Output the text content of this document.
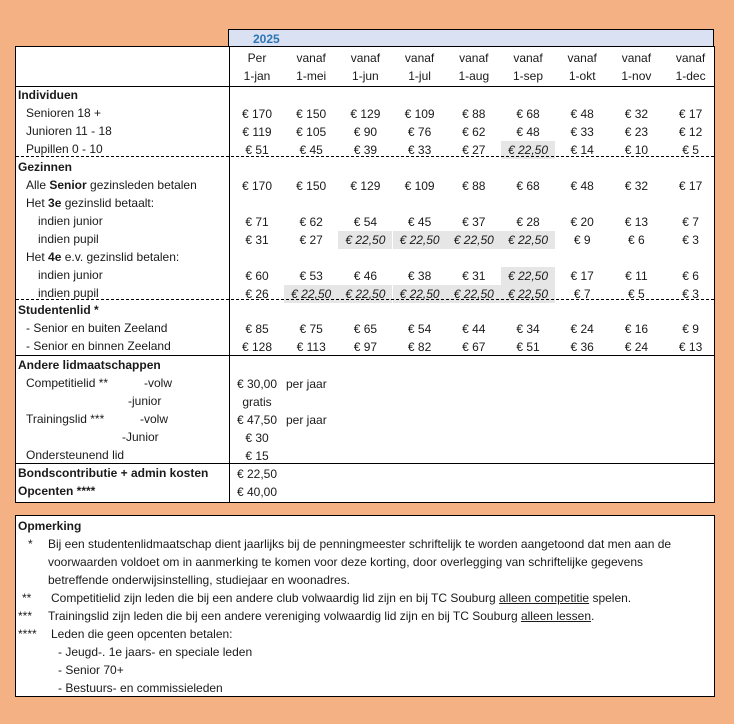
2025
Per	vanaf	vanaf	vanaf	vanaf	vanaf	vanaf	vanaf	vanaf
1-jan	1-mei	1-jun	1-jul	1-aug	1-sep	1-okt	1-nov	1-dec
Individuen
Senioren 18 +	€ 170	€ 150	€ 129	€ 109	€ 88	€ 68	€ 48	€ 32	€ 17
Junioren 11 - 18	€ 119	€ 105	€ 90	€ 76	€ 62	€ 48	€ 33	€ 23	€ 12
Pupillen 0 - 10	€ 51	€ 45	€ 39	€ 33	€ 27	€ 22,50	€ 14	€ 10	€ 5
Gezinnen
Alle Senior gezinsleden betalen	€ 170	€ 150	€ 129	€ 109	€ 88	€ 68	€ 48	€ 32	€ 17
Het 3e gezinslid betaalt:
indien junior	€ 71	€ 62	€ 54	€ 45	€ 37	€ 28	€ 20	€ 13	€ 7
indien pupil	€ 31	€ 27	€ 22,50	€ 22,50	€ 22,50	€ 22,50	€ 9	€ 6	€ 3
Het 4e e.v. gezinslid betalen:
indien junior	€ 60	€ 53	€ 46	€ 38	€ 31	€ 22,50	€ 17	€ 11	€ 6
indien pupil	€ 26	€ 22,50	€ 22,50	€ 22,50	€ 22,50	€ 22,50	€ 7	€ 5	€ 3
Studentenlid *
- Senior en buiten Zeeland	€ 85	€ 75	€ 65	€ 54	€ 44	€ 34	€ 24	€ 16	€ 9
- Senior en binnen Zeeland	€ 128	€ 113	€ 97	€ 82	€ 67	€ 51	€ 36	€ 24	€ 13
Andere lidmaatschappen
Competitielid **	-volw	€ 30,00 per jaar
-junior	gratis
Trainingslid ***	-volw	€ 47,50 per jaar
-Junior	€ 30
Ondersteunend lid	€ 15
Bondscontributie + admin kosten	€ 22,50
Opcenten ****	€ 40,00
Opmerking
* Bij een studentenlidmaatschap dient jaarlijks bij de penningmeester schriftelijk te worden aangetoond dat men aan de
voorwaarden voldoet om in aanmerking te komen voor deze korting, door overlegging van schriftelijke gegevens
betreffende onderwijsinstelling, studiejaar en woonadres.
** Competitielid zijn leden die bij een andere club volwaardig lid zijn en bij TC Souburg alleen competitie spelen.
*** Trainingslid zijn leden die bij een andere vereniging volwaardig lid zijn en bij TC Souburg alleen lessen.
**** Leden die geen opcenten betalen:
- Jeugd-. 1e jaars- en speciale leden
- Senior 70+
- Bestuurs- en commissieleden
